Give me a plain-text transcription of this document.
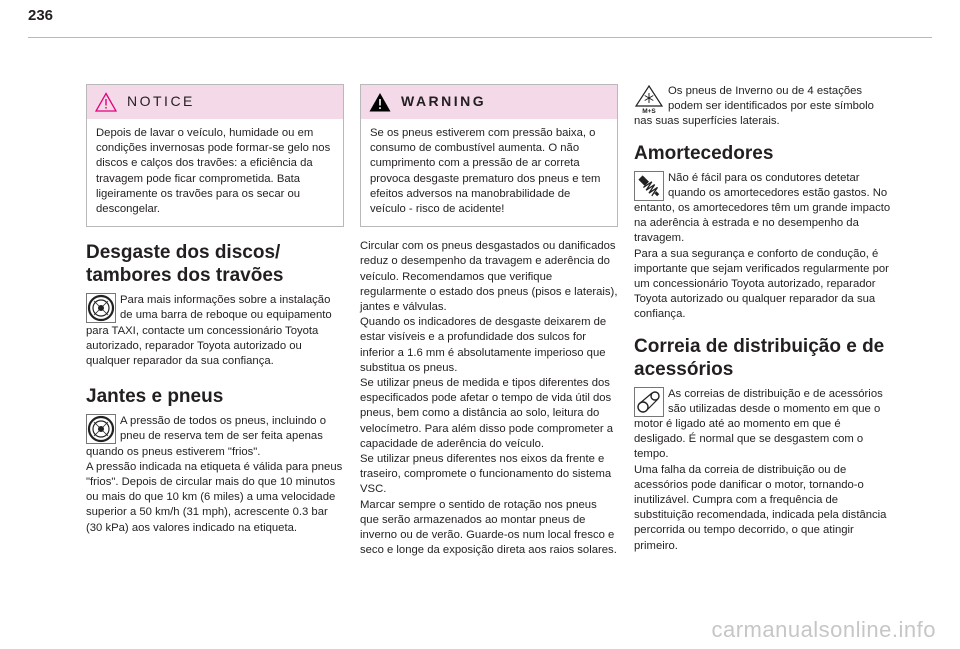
236
NOTICE

Depois de lavar o veículo, humidade ou em condições invernosas pode formar-se gelo nos discos e calços dos travões: a eficiência da travagem pode ficar comprometida. Bata ligeiramente os travões para os secar ou descongelar.

Desgaste dos discos/ tambores dos travões

Para mais informações sobre a instalação de uma barra de reboque ou equipamento para TAXI, contacte um concessionário Toyota autorizado, reparador Toyota autorizado ou qualquer reparador da sua confiança.

Jantes e pneus

A pressão de todos os pneus, incluindo o pneu de reserva tem de ser feita apenas quando os pneus estiverem "frios".

A pressão indicada na etiqueta é válida para pneus "frios". Depois de circular mais do que 10 minutos ou mais do que 10 km (6 miles) a uma velocidade superior a 50 km/h (31 mph), acrescente 0.3 bar (30 kPa) aos valores indicado na etiqueta.

WARNING

Se os pneus estiverem com pressão baixa, o consumo de combustível aumenta. O não cumprimento com a pressão de ar correta provoca desgaste prematuro dos pneus e tem efeitos adversos na manobrabilidade de veículo - risco de acidente!

Circular com os pneus desgastados ou danificados reduz o desempenho da travagem e aderência do veículo. Recomendamos que verifique regularmente o estado dos pneus (pisos e laterais), jantes e válvulas.

Quando os indicadores de desgaste deixarem de estar visíveis e a profundidade dos sulcos for inferior a 1.6 mm é absolutamente imperioso que substitua os pneus.

Se utilizar pneus de medida e tipos diferentes dos especificados pode afetar o tempo de vida útil dos pneus, bem como a distância ao solo, leitura do velocímetro. Para além disso pode comprometer a capacidade de aderência do veículo.

Se utilizar pneus diferentes nos eixos da frente e traseiro, compromete o funcionamento do sistema VSC.

Marcar sempre o sentido de rotação nos pneus que serão armazenados ao montar pneus de inverno ou de verão. Guarde-os num local fresco e seco e longe da exposição direta aos raios solares.

M+S

Os pneus de Inverno ou de 4 estações podem ser identificados por este símbolo nas suas superfícies laterais.

Amortecedores

Não é fácil para os condutores detetar quando os amortecedores estão gastos. No entanto, os amortecedores têm um grande impacto na aderência à estrada e no desempenho da travagem.

Para a sua segurança e conforto de condução, é importante que sejam verificados regularmente por um concessionário Toyota autorizado, reparador Toyota autorizado ou qualquer reparador da sua confiança.

Correia de distribuição e de acessórios

As correias de distribuição e de acessórios são utilizadas desde o momento em que o motor é ligado até ao momento em que é desligado. É normal que se desgastem com o tempo.

Uma falha da correia de distribuição ou de acessórios pode danificar o motor, tornando-o inutilizável. Cumpra com a frequência de substituição recomendada, indicada pela distância percorrida ou tempo decorrido, o que atingir primeiro.

carmanualsonline.info
